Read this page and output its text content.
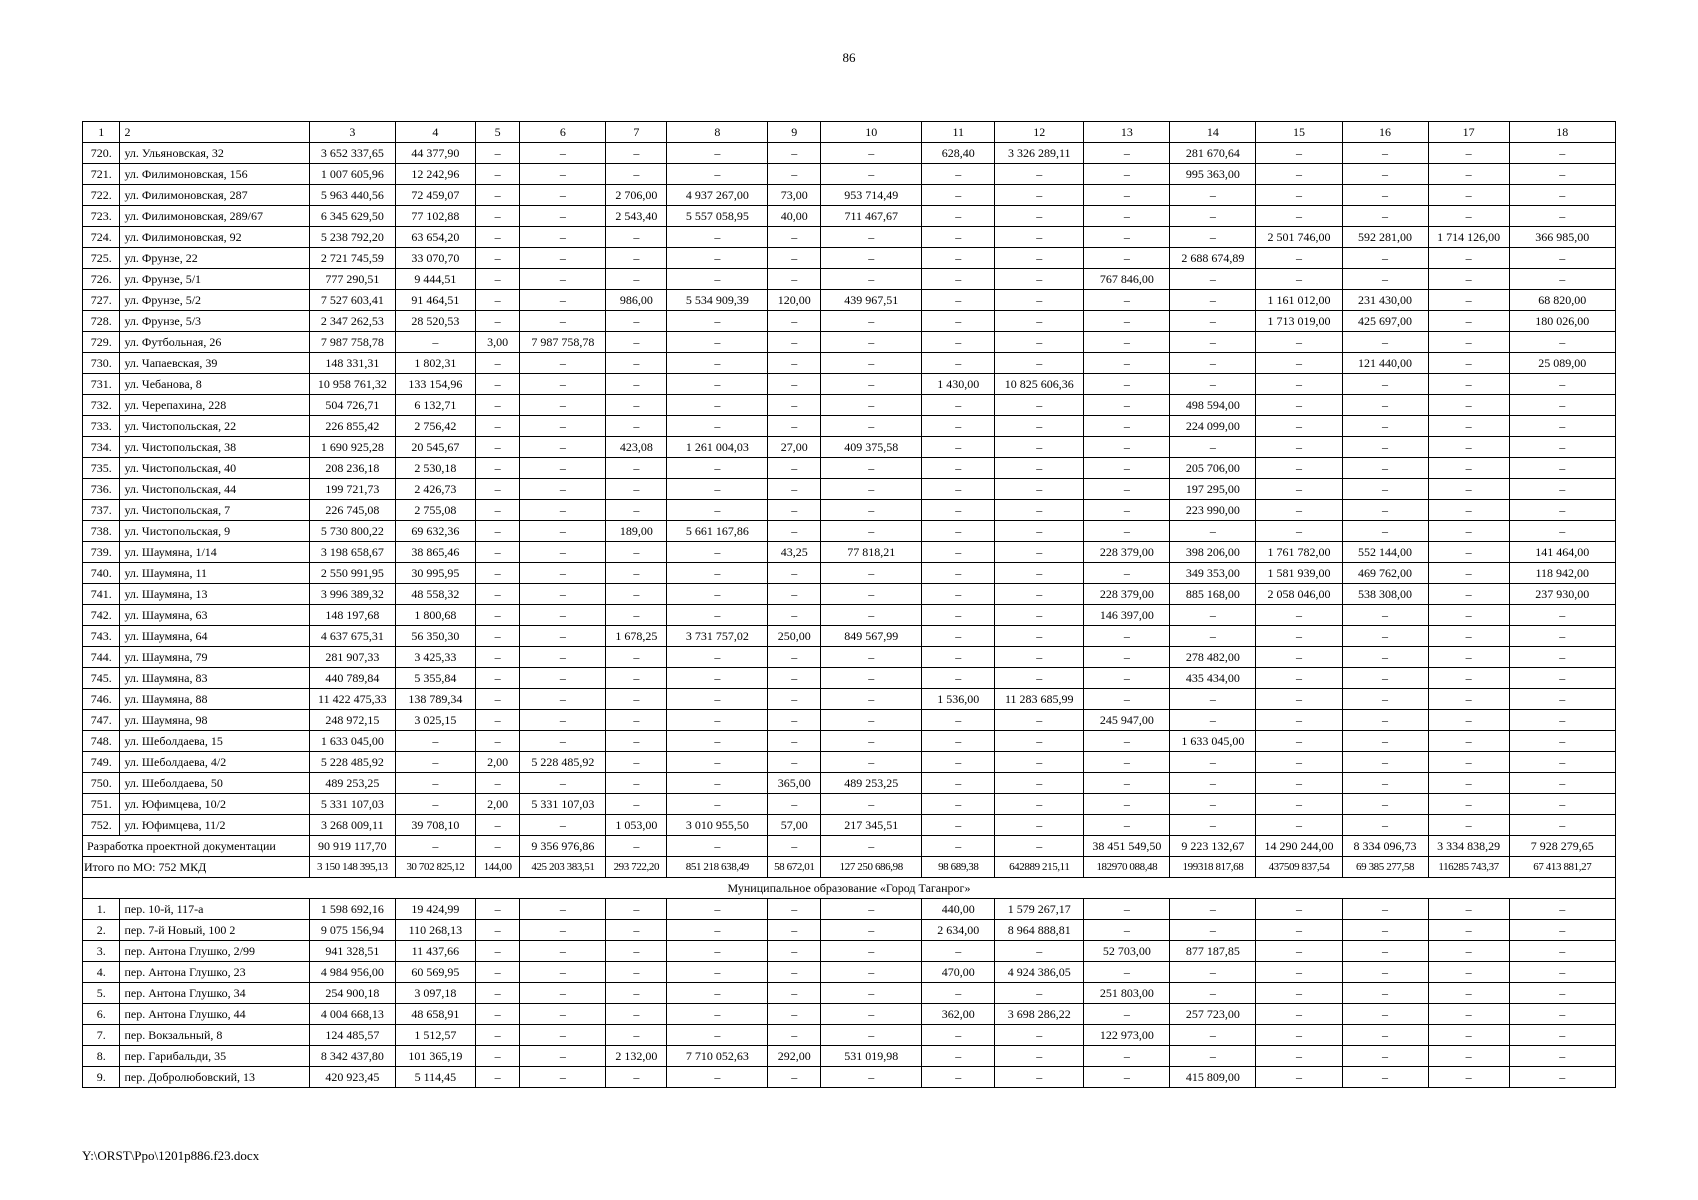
86
1	2	3	4	5	6	7	8	9	10	11	12	13	14	15	16	17	18
720.	ул. Ульяновская, 32	3 652 337,65	44 377,90	–	–	–	–	–	–	628,40	3 326 289,11	–	281 670,64	–	–	–	–
721.	ул. Филимоновская, 156	1 007 605,96	12 242,96	–	–	–	–	–	–	–	–	–	995 363,00	–	–	–	–
722.	ул. Филимоновская, 287	5 963 440,56	72 459,07	–	–	2 706,00	4 937 267,00	73,00	953 714,49	–	–	–	–	–	–	–	–
723.	ул. Филимоновская, 289/67	6 345 629,50	77 102,88	–	–	2 543,40	5 557 058,95	40,00	711 467,67	–	–	–	–	–	–	–	–
724.	ул. Филимоновская, 92	5 238 792,20	63 654,20	–	–	–	–	–	–	–	–	–	–	2 501 746,00	592 281,00	1 714 126,00	366 985,00
725.	ул. Фрунзе, 22	2 721 745,59	33 070,70	–	–	–	–	–	–	–	–	–	2 688 674,89	–	–	–	–
726.	ул. Фрунзе, 5/1	777 290,51	9 444,51	–	–	–	–	–	–	–	–	767 846,00	–	–	–	–	–
727.	ул. Фрунзе, 5/2	7 527 603,41	91 464,51	–	–	986,00	5 534 909,39	120,00	439 967,51	–	–	–	–	1 161 012,00	231 430,00	–	68 820,00
728.	ул. Фрунзе, 5/3	2 347 262,53	28 520,53	–	–	–	–	–	–	–	–	–	–	1 713 019,00	425 697,00	–	180 026,00
729.	ул. Футбольная, 26	7 987 758,78	–	3,00	7 987 758,78	–	–	–	–	–	–	–	–	–	–	–	–
730.	ул. Чапаевская, 39	148 331,31	1 802,31	–	–	–	–	–	–	–	–	–	–	–	121 440,00	–	25 089,00
731.	ул. Чебанова, 8	10 958 761,32	133 154,96	–	–	–	–	–	–	1 430,00	10 825 606,36	–	–	–	–	–	–
732.	ул. Черепахина, 228	504 726,71	6 132,71	–	–	–	–	–	–	–	–	–	498 594,00	–	–	–	–
733.	ул. Чистопольская, 22	226 855,42	2 756,42	–	–	–	–	–	–	–	–	–	224 099,00	–	–	–	–
734.	ул. Чистопольская, 38	1 690 925,28	20 545,67	–	–	423,08	1 261 004,03	27,00	409 375,58	–	–	–	–	–	–	–	–
735.	ул. Чистопольская, 40	208 236,18	2 530,18	–	–	–	–	–	–	–	–	–	205 706,00	–	–	–	–
736.	ул. Чистопольская, 44	199 721,73	2 426,73	–	–	–	–	–	–	–	–	–	197 295,00	–	–	–	–
737.	ул. Чистопольская, 7	226 745,08	2 755,08	–	–	–	–	–	–	–	–	–	223 990,00	–	–	–	–
738.	ул. Чистопольская, 9	5 730 800,22	69 632,36	–	–	189,00	5 661 167,86	–	–	–	–	–	–	–	–	–	–
739.	ул. Шаумяна, 1/14	3 198 658,67	38 865,46	–	–	–	–	43,25	77 818,21	–	–	228 379,00	398 206,00	1 761 782,00	552 144,00	–	141 464,00
740.	ул. Шаумяна, 11	2 550 991,95	30 995,95	–	–	–	–	–	–	–	–	–	349 353,00	1 581 939,00	469 762,00	–	118 942,00
741.	ул. Шаумяна, 13	3 996 389,32	48 558,32	–	–	–	–	–	–	–	–	228 379,00	885 168,00	2 058 046,00	538 308,00	–	237 930,00
742.	ул. Шаумяна, 63	148 197,68	1 800,68	–	–	–	–	–	–	–	–	146 397,00	–	–	–	–	–
743.	ул. Шаумяна, 64	4 637 675,31	56 350,30	–	–	1 678,25	3 731 757,02	250,00	849 567,99	–	–	–	–	–	–	–	–
744.	ул. Шаумяна, 79	281 907,33	3 425,33	–	–	–	–	–	–	–	–	–	278 482,00	–	–	–	–
745.	ул. Шаумяна, 83	440 789,84	5 355,84	–	–	–	–	–	–	–	–	–	435 434,00	–	–	–	–
746.	ул. Шаумяна, 88	11 422 475,33	138 789,34	–	–	–	–	–	–	1 536,00	11 283 685,99	–	–	–	–	–	–
747.	ул. Шаумяна, 98	248 972,15	3 025,15	–	–	–	–	–	–	–	–	245 947,00	–	–	–	–	–
748.	ул. Шеболдаева, 15	1 633 045,00	–	–	–	–	–	–	–	–	–	–	1 633 045,00	–	–	–	–
749.	ул. Шеболдаева, 4/2	5 228 485,92	–	2,00	5 228 485,92	–	–	–	–	–	–	–	–	–	–	–	–
750.	ул. Шеболдаева, 50	489 253,25	–	–	–	–	–	365,00	489 253,25	–	–	–	–	–	–	–	–
751.	ул. Юфимцева, 10/2	5 331 107,03	–	2,00	5 331 107,03	–	–	–	–	–	–	–	–	–	–	–	–
752.	ул. Юфимцева, 11/2	3 268 009,11	39 708,10	–	–	1 053,00	3 010 955,50	57,00	217 345,51	–	–	–	–	–	–	–	–
Разработка проектной документации		90 919 117,70	–	–	9 356 976,86	–	–	–	–	–	–	38 451 549,50	9 223 132,67	14 290 244,00	8 334 096,73	3 334 838,29	7 928 279,65
Итого по МО: 752 МКД		3 150 148 395,13	30 702 825,12	144,00	425 203 383,51	293 722,20	851 218 638,49	58 672,01	127 250 686,98	98 689,38	642889 215,11	182970 088,48	199318 817,68	437509 837,54	69 385 277,58	116285 743,37	67 413 881,27
Муниципальное образование «Город Таганрог»																	
1.	пер. 10-й, 117-а	1 598 692,16	19 424,99	–	–	–	–	–	–	440,00	1 579 267,17	–	–	–	–	–	–
2.	пер. 7-й Новый, 100 2	9 075 156,94	110 268,13	–	–	–	–	–	–	2 634,00	8 964 888,81	–	–	–	–	–	–
3.	пер. Антона Глушко, 2/99	941 328,51	11 437,66	–	–	–	–	–	–	–	–	52 703,00	877 187,85	–	–	–	–
4.	пер. Антона Глушко, 23	4 984 956,00	60 569,95	–	–	–	–	–	–	470,00	4 924 386,05	–	–	–	–	–	–
5.	пер. Антона Глушко, 34	254 900,18	3 097,18	–	–	–	–	–	–	–	–	251 803,00	–	–	–	–	–
6.	пер. Антона Глушко, 44	4 004 668,13	48 658,91	–	–	–	–	–	–	362,00	3 698 286,22	–	257 723,00	–	–	–	–
7.	пер. Вокзальный, 8	124 485,57	1 512,57	–	–	–	–	–	–	–	–	122 973,00	–	–	–	–	–
8.	пер. Гарибальди, 35	8 342 437,80	101 365,19	–	–	2 132,00	7 710 052,63	292,00	531 019,98	–	–	–	–	–	–	–	–
9.	пер. Добролюбовский, 13	420 923,45	5 114,45	–	–	–	–	–	–	–	–	–	415 809,00	–	–	–	–
Y:\ORST\Ppo\1201p886.f23.docx
